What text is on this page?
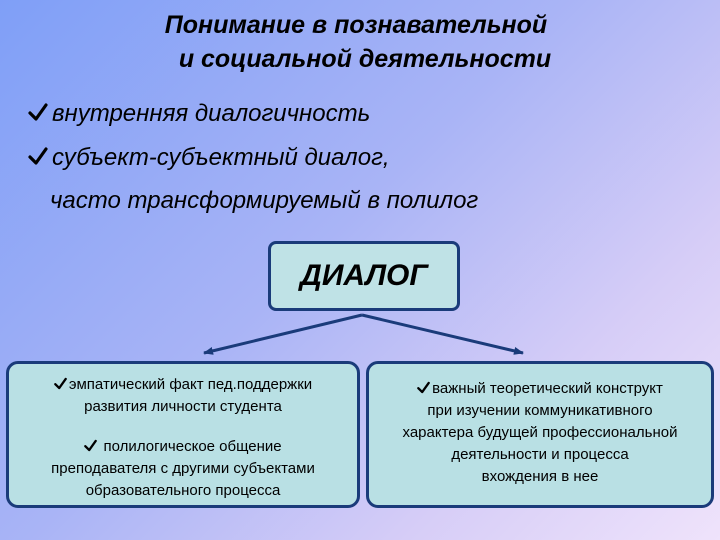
Понимание в познавательной
и социальной деятельности
внутренняя диалогичность
субъект-субъектный диалог,
часто трансформируемый в полилог
ДИАЛОГ
эмпатический факт пед.поддержки
развития личности студента
полилогическое общение
преподавателя с другими субъектами
образовательного процесса
важный теоретический конструкт
при изучении коммуникативного
характера будущей профессиональной
деятельности и процесса
вхождения в нее
